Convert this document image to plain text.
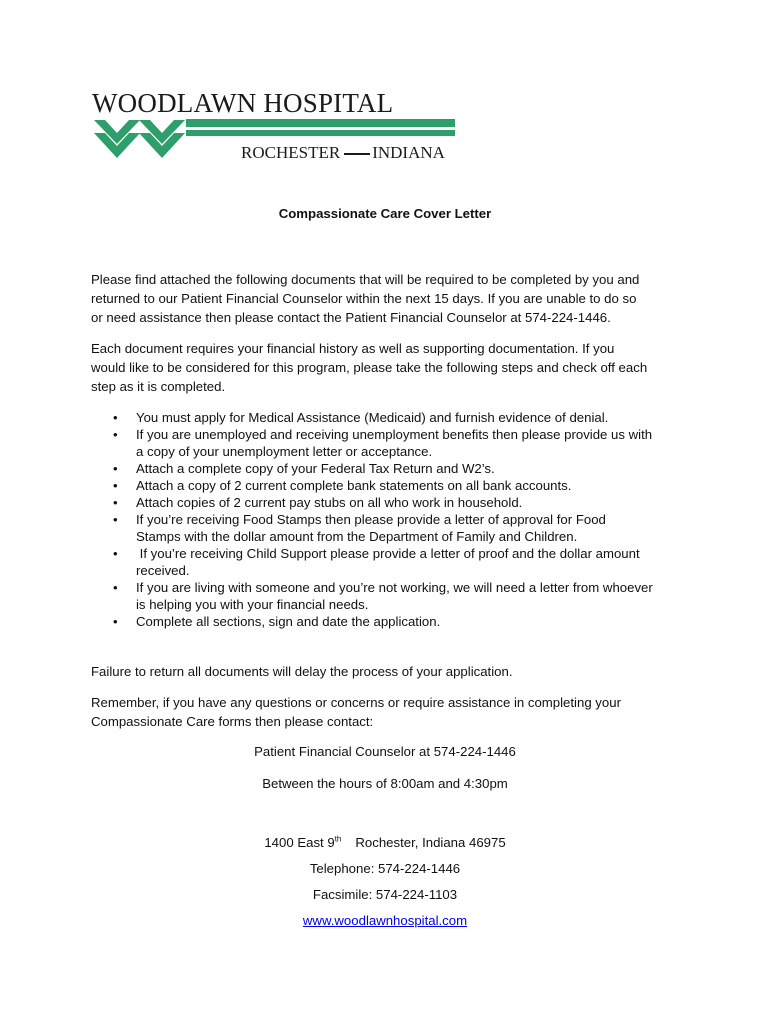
WOODLAWN HOSPITAL
ROCHESTER INDIANA
Compassionate Care Cover Letter
Please find attached the following documents that will be required to be completed by you and
returned to our Patient Financial Counselor within the next 15 days. If you are unable to do so
or need assistance then please contact the Patient Financial Counselor at 574-224-1446.
Each document requires your financial history as well as supporting documentation. If you
would like to be considered for this program, please take the following steps and check off each
step as it is completed.
• You must apply for Medical Assistance (Medicaid) and furnish evidence of denial.
• If you are unemployed and receiving unemployment benefits then please provide us with
a copy of your unemployment letter or acceptance.
• Attach a complete copy of your Federal Tax Return and W2’s.
• Attach a copy of 2 current complete bank statements on all bank accounts.
• Attach copies of 2 current pay stubs on all who work in household.
• If you’re receiving Food Stamps then please provide a letter of approval for Food
Stamps with the dollar amount from the Department of Family and Children.
• If you’re receiving Child Support please provide a letter of proof and the dollar amount
received.
• If you are living with someone and you’re not working, we will need a letter from whoever
is helping you with your financial needs.
• Complete all sections, sign and date the application.
Failure to return all documents will delay the process of your application.
Remember, if you have any questions or concerns or require assistance in completing your
Compassionate Care forms then please contact:
Patient Financial Counselor at 574-224-1446
Between the hours of 8:00am and 4:30pm
1400 East 9th Rochester, Indiana 46975
Telephone: 574-224-1446
Facsimile: 574-224-1103
www.woodlawnhospital.com
